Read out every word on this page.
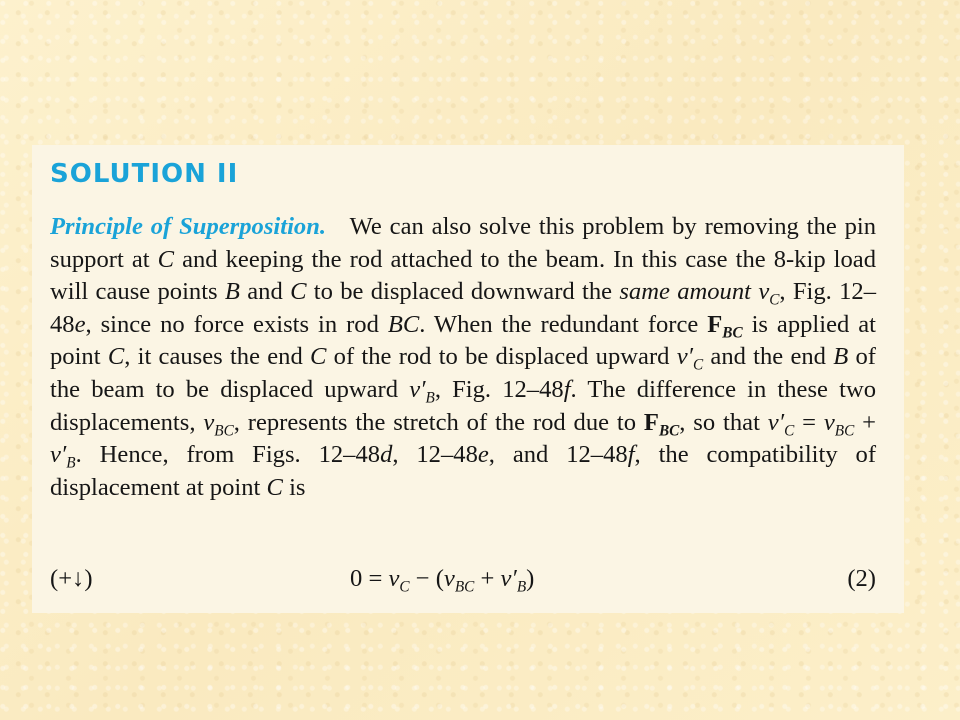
SOLUTION II

Principle of Superposition. We can also solve this problem by removing the pin support at C and keeping the rod attached to the beam. In this case the 8-kip load will cause points B and C to be displaced downward the same amount $v_C$, Fig. 12–48e, since no force exists in rod BC. When the redundant force $F_{BC}$ is applied at point C, it causes the end C of the rod to be displaced upward $v'_C$ and the end B of the beam to be displaced upward $v'_B$, Fig. 12–48f. The difference in these two displacements, $v_{BC}$, represents the stretch of the rod due to $F_{BC}$, so that $v'_C = v_{BC} + v'_B$. Hence, from Figs. 12–48d, 12–48e, and 12–48f, the compatibility of displacement at point C is

(+↓)	$0 = v_C - (v_{BC} + v'_B)$	(2)
